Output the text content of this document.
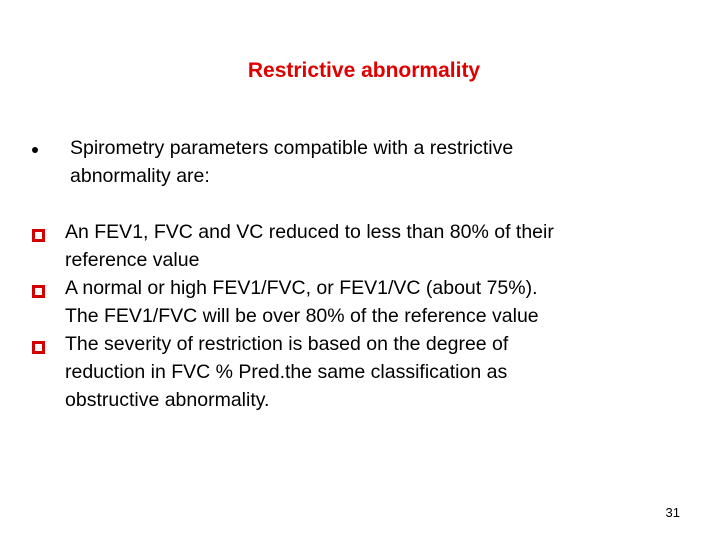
Restrictive abnormality
Spirometry parameters compatible with a restrictive
abnormality are:
An FEV1, FVC and VC reduced to less than 80% of their
reference value
A normal or high FEV1/FVC, or FEV1/VC (about 75%).
The FEV1/FVC will be over 80% of the reference value
The severity of restriction is based on the degree of
reduction in FVC % Pred.the same classification as
obstructive abnormality.
31
